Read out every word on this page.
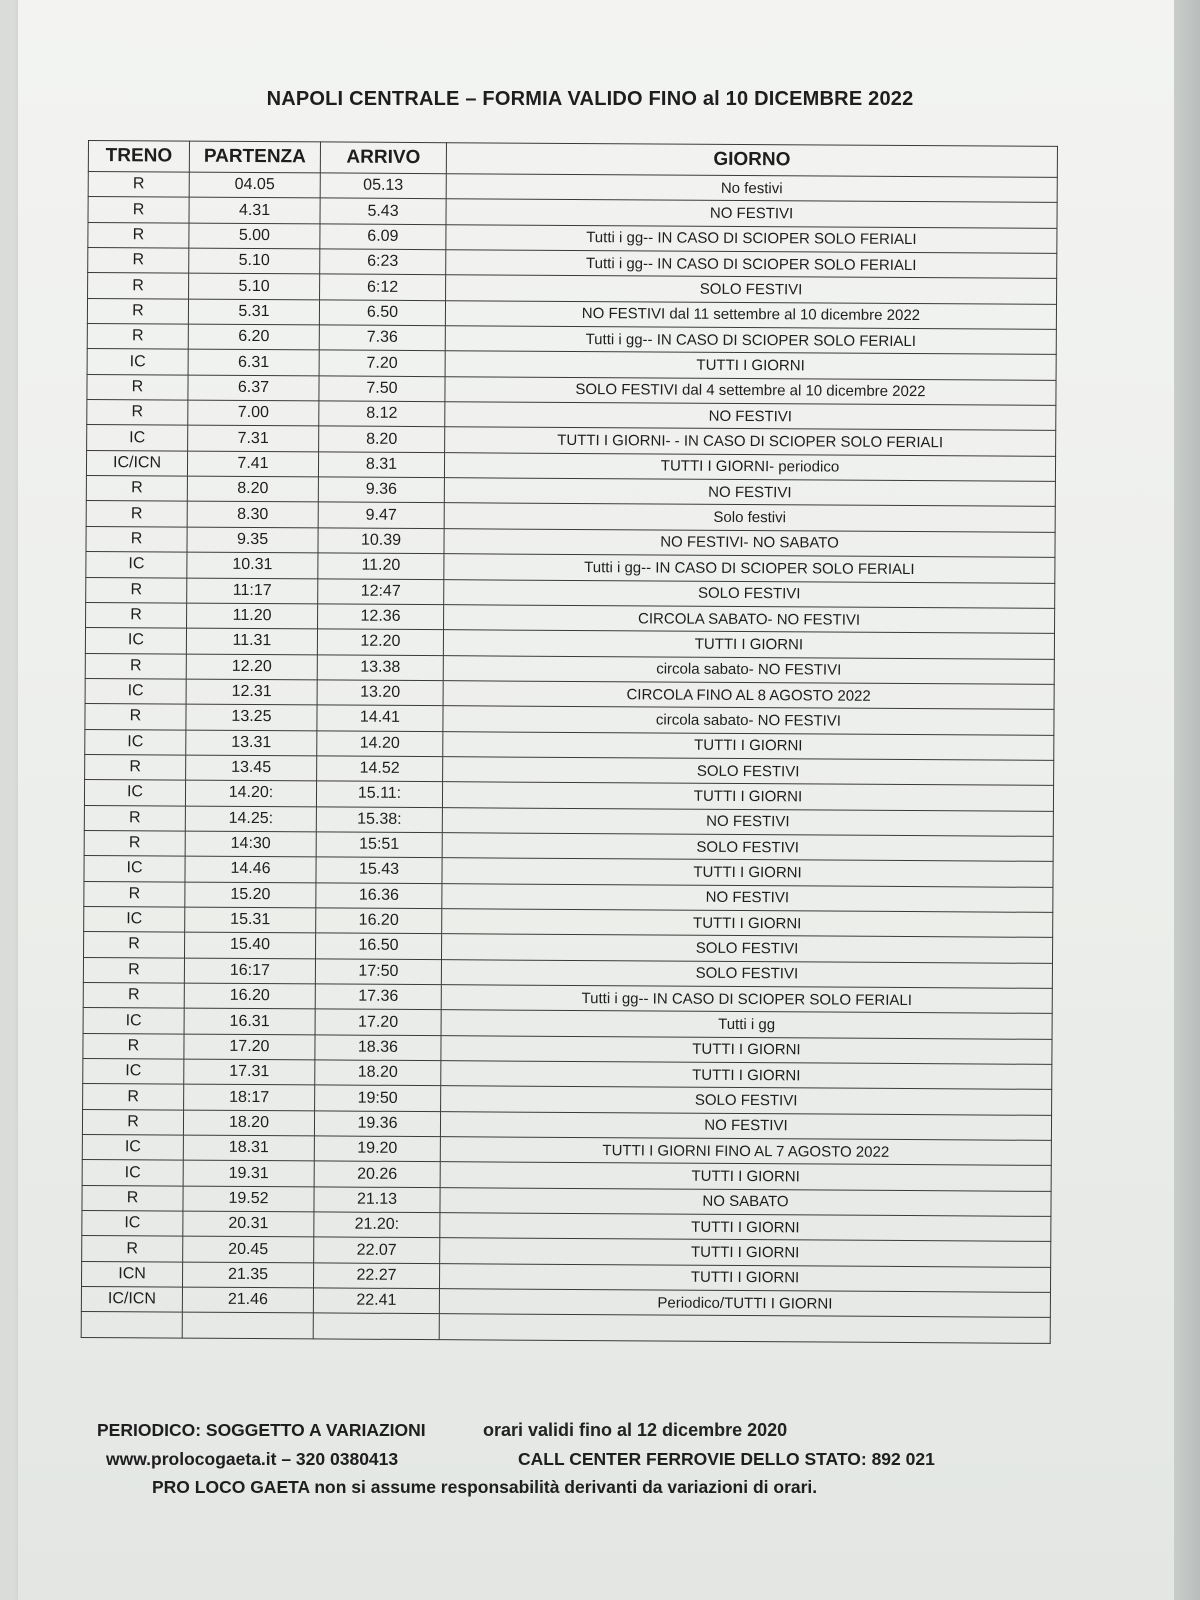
NAPOLI CENTRALE – FORMIA VALIDO FINO al 10 DICEMBRE 2022
TRENO	PARTENZA	ARRIVO	GIORNO
R	04.05	05.13	No festivi
R	4.31	5.43	NO FESTIVI
R	5.00	6.09	Tutti i gg-- IN CASO DI SCIOPER SOLO FERIALI
R	5.10	6:23	Tutti i gg-- IN CASO DI SCIOPER SOLO FERIALI
R	5.10	6:12	SOLO FESTIVI
R	5.31	6.50	NO FESTIVI dal 11 settembre al 10 dicembre 2022
R	6.20	7.36	Tutti i gg-- IN CASO DI SCIOPER SOLO FERIALI
IC	6.31	7.20	TUTTI I GIORNI
R	6.37	7.50	SOLO FESTIVI dal 4 settembre al 10 dicembre 2022
R	7.00	8.12	NO FESTIVI
IC	7.31	8.20	TUTTI I GIORNI- - IN CASO DI SCIOPER SOLO FERIALI
IC/ICN	7.41	8.31	TUTTI I GIORNI- periodico
R	8.20	9.36	NO FESTIVI
R	8.30	9.47	Solo festivi
R	9.35	10.39	NO FESTIVI- NO SABATO
IC	10.31	11.20	Tutti i gg-- IN CASO DI SCIOPER SOLO FERIALI
R	11:17	12:47	SOLO FESTIVI
R	11.20	12.36	CIRCOLA SABATO- NO FESTIVI
IC	11.31	12.20	TUTTI I GIORNI
R	12.20	13.38	circola sabato- NO FESTIVI
IC	12.31	13.20	CIRCOLA FINO AL 8 AGOSTO 2022
R	13.25	14.41	circola sabato- NO FESTIVI
IC	13.31	14.20	TUTTI I GIORNI
R	13.45	14.52	SOLO FESTIVI
IC	14.20:	15.11:	TUTTI I GIORNI
R	14.25:	15.38:	NO FESTIVI
R	14:30	15:51	SOLO FESTIVI
IC	14.46	15.43	TUTTI I GIORNI
R	15.20	16.36	NO FESTIVI
IC	15.31	16.20	TUTTI I GIORNI
R	15.40	16.50	SOLO FESTIVI
R	16:17	17:50	SOLO FESTIVI
R	16.20	17.36	Tutti i gg-- IN CASO DI SCIOPER SOLO FERIALI
IC	16.31	17.20	Tutti i gg
R	17.20	18.36	TUTTI I GIORNI
IC	17.31	18.20	TUTTI I GIORNI
R	18:17	19:50	SOLO FESTIVI
R	18.20	19.36	NO FESTIVI
IC	18.31	19.20	TUTTI I GIORNI FINO AL 7 AGOSTO 2022
IC	19.31	20.26	TUTTI I GIORNI
R	19.52	21.13	NO SABATO
IC	20.31	21.20:	TUTTI I GIORNI
R	20.45	22.07	TUTTI I GIORNI
ICN	21.35	22.27	TUTTI I GIORNI
IC/ICN	21.46	22.41	Periodico/TUTTI I GIORNI

PERIODICO: SOGGETTO A VARIAZIONI	orari validi fino al 12 dicembre 2020
www.prolocogaeta.it – 320 0380413	CALL CENTER FERROVIE DELLO STATO: 892 021
PRO LOCO GAETA non si assume responsabilità derivanti da variazioni di orari.
